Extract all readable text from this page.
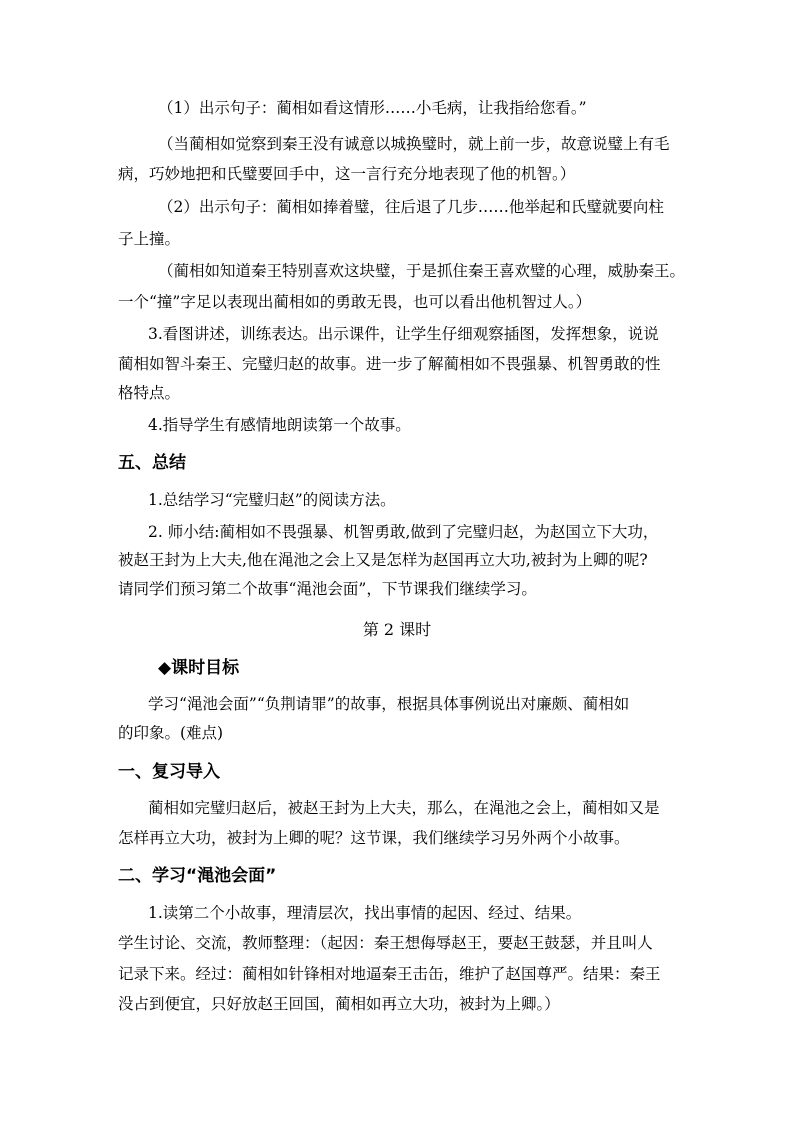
（1）出示句子：蔺相如看这情形……小毛病，让我指给您看。”
（当蔺相如觉察到秦王没有诚意以城换璧时，就上前一步，故意说璧上有毛
病，巧妙地把和氏璧要回手中，这一言行充分地表现了他的机智。）
（2）出示句子：蔺相如捧着璧，往后退了几步……他举起和氏璧就要向柱
子上撞。
（蔺相如知道秦王特别喜欢这块璧，于是抓住秦王喜欢璧的心理，威胁秦王。
一个“撞”字足以表现出蔺相如的勇敢无畏，也可以看出他机智过人。）
3.看图讲述，训练表达。出示课件，让学生仔细观察插图，发挥想象，说说
蔺相如智斗秦王、完璧归赵的故事。进一步了解蔺相如不畏强暴、机智勇敢的性
格特点。
4.指导学生有感情地朗读第一个故事。
五、总结
1.总结学习“完璧归赵”的阅读方法。
2. 师小结:蔺相如不畏强暴、机智勇敢,做到了完璧归赵，为赵国立下大功，
被赵王封为上大夫,他在渑池之会上又是怎样为赵国再立大功,被封为上卿的呢?
请同学们预习第二个故事“渑池会面”，下节课我们继续学习。
第 2 课时
◆课时目标
学习“渑池会面”“负荆请罪”的故事，根据具体事例说出对廉颇、蔺相如
的印象。(难点)
一、复习导入
蔺相如完璧归赵后，被赵王封为上大夫，那么，在渑池之会上，蔺相如又是
怎样再立大功，被封为上卿的呢？这节课，我们继续学习另外两个小故事。
二、学习“渑池会面”
1.读第二个小故事，理清层次，找出事情的起因、经过、结果。
学生讨论、交流，教师整理：（起因：秦王想侮辱赵王，要赵王鼓瑟，并且叫人
记录下来。经过：蔺相如针锋相对地逼秦王击缶，维护了赵国尊严。结果：秦王
没占到便宜，只好放赵王回国，蔺相如再立大功，被封为上卿。）
